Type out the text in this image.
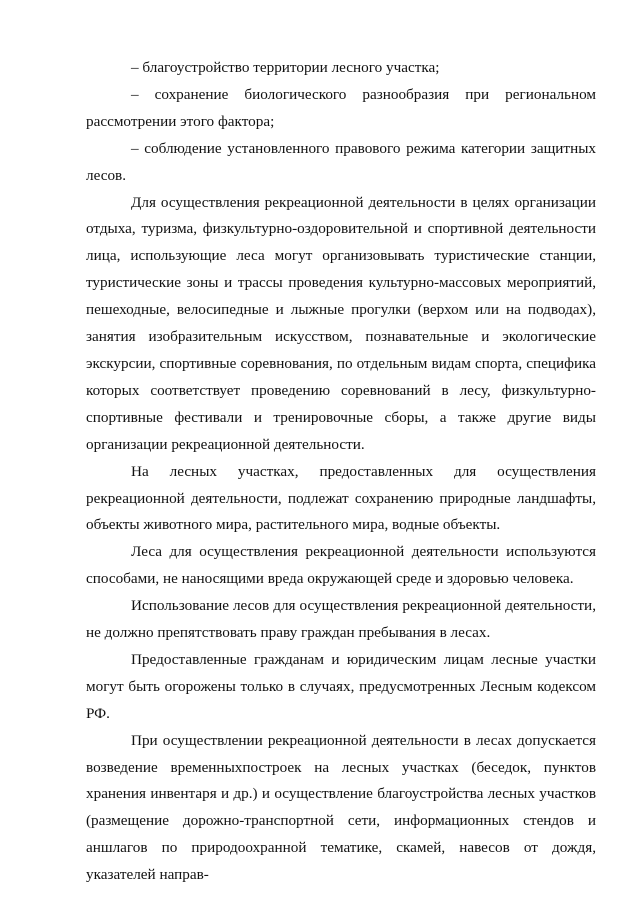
– благоустройство территории лесного участка;

– сохранение биологического разнообразия при региональном рассмотрении этого фактора;

– соблюдение установленного правового режима категории защитных лесов.

Для осуществления рекреационной деятельности в целях организации отдыха, туризма, физкультурно-оздоровительной и спортивной деятельности лица, использующие леса могут организовывать туристические станции, туристические зоны и трассы проведения культурно-массовых мероприятий, пешеходные, велосипедные и лыжные прогулки (верхом или на подводах), занятия изобразительным искусством, познавательные и экологические экскурсии, спортивные соревнования, по отдельным видам спорта, специфика которых соответствует проведению соревнований в лесу, физкультурно-спортивные фестивали и тренировочные сборы, а также другие виды организации рекреационной деятельности.

На лесных участках, предоставленных для осуществления рекреационной деятельности, подлежат сохранению природные ландшафты, объекты животного мира, растительного мира, водные объекты.

Леса для осуществления рекреационной деятельности используются способами, не наносящими вреда окружающей среде и здоровью человека.

Использование лесов для осуществления рекреационной деятельности, не должно препятствовать праву граждан пребывания в лесах.

Предоставленные гражданам и юридическим лицам лесные участки могут быть огорожены только в случаях, предусмотренных Лесным кодексом РФ.

При осуществлении рекреационной деятельности в лесах допускается возведение временныхпостроек на лесных участках (беседок, пунктов хранения инвентаря и др.) и осуществление благоустройства лесных участков (размещение дорожно-транспортной сети, информационных стендов и аншлагов по природоохранной тематике, скамей, навесов от дождя, указателей направ-
